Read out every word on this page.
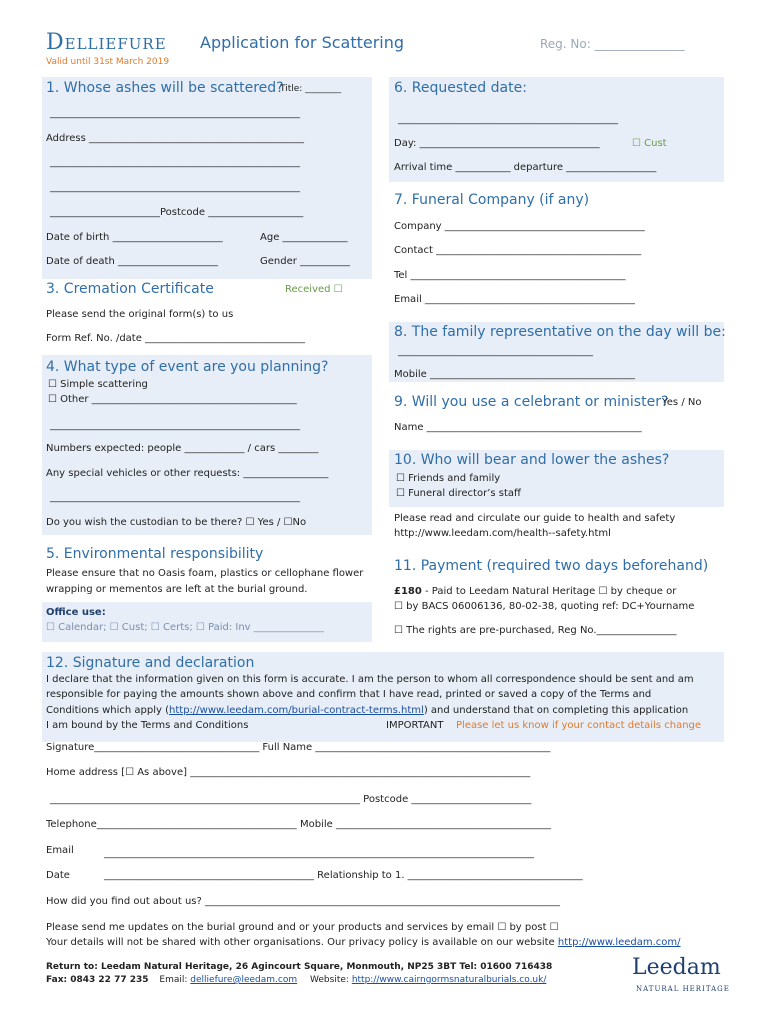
Delliefure Application for Scattering	Reg. No: _______________
Valid until 31st March 2019
1. Whose ashes will be scattered?
Title: ________
__________________________________________________
Address ___________________________________________
__________________________________________________
__________________________________________________
______________________Postcode ___________________
Date of birth ______________________	Age _____________
Date of death ____________________	Gender __________
3. Cremation Certificate	Received ☐
Please send the original form(s) to us
Form Ref. No. /date ________________________________
4. What type of event are you planning?
☐ Simple scattering
☐ Other _________________________________________
__________________________________________________
Numbers expected: people ____________ / cars ________
Any special vehicles or other requests: _________________
__________________________________________________
Do you wish the custodian to be there? ☐ Yes / ☐No
5. Environmental responsibility
Please ensure that no Oasis foam, plastics or cellophane flower
wrapping or mementos are left at the burial ground.
Office use:
☐ Calendar; ☐ Cust; ☐ Certs; ☐ Paid: Inv ______________
6. Requested date:
____________________________________________
Day: ____________________________________	☐ Cust
Arrival time ___________ departure __________________
7. Funeral Company (if any)
Company ________________________________________
Contact _________________________________________
Tel ___________________________________________
Email __________________________________________
8. The family representative on the day will be:
_______________________________________
Mobile _________________________________________
9. Will you use a celebrant or minister?
Yes / No
Name ___________________________________________
10. Who will bear and lower the ashes?
☐ Friends and family
☐ Funeral director’s staff
Please read and circulate our guide to health and safety
http://www.leedam.com/health--safety.html
11. Payment (required two days beforehand)
£180 - Paid to Leedam Natural Heritage ☐ by cheque or
☐ by BACS 06006136, 80-02-38, quoting ref: DC+Yourname
☐ The rights are pre-purchased, Reg No.________________
12. Signature and declaration
I declare that the information given on this form is accurate. I am the person to whom all correspondence should be sent and am
responsible for paying the amounts shown above and confirm that I have read, printed or saved a copy of the Terms and
Conditions which apply (http://www.leedam.com/burial-contract-terms.html) and understand that on completing this application
I am bound by the Terms and Conditions	IMPORTANT Please let us know if your contact details change
Signature_________________________________ Full Name _______________________________________________
Home address [☐ As above] ____________________________________________________________________
______________________________________________________________ Postcode ________________________
Telephone________________________________________ Mobile ___________________________________________
Email	______________________________________________________________________________________
Date	__________________________________________ Relationship to 1. ___________________________________
How did you find out about us? _______________________________________________________________________
Please send me updates on the burial ground and or your products and services by email ☐ by post ☐
Your details will not be shared with other organisations. Our privacy policy is available on our website http://www.leedam.com/
Return to: Leedam Natural Heritage, 26 Agincourt Square, Monmouth, NP25 3BT Tel: 01600 716438
Fax: 0843 22 77 235 Email: delliefure@leedam.com Website: http://www.cairngormsnaturalburials.co.uk/	Leedam
NATURAL HERITAGE
